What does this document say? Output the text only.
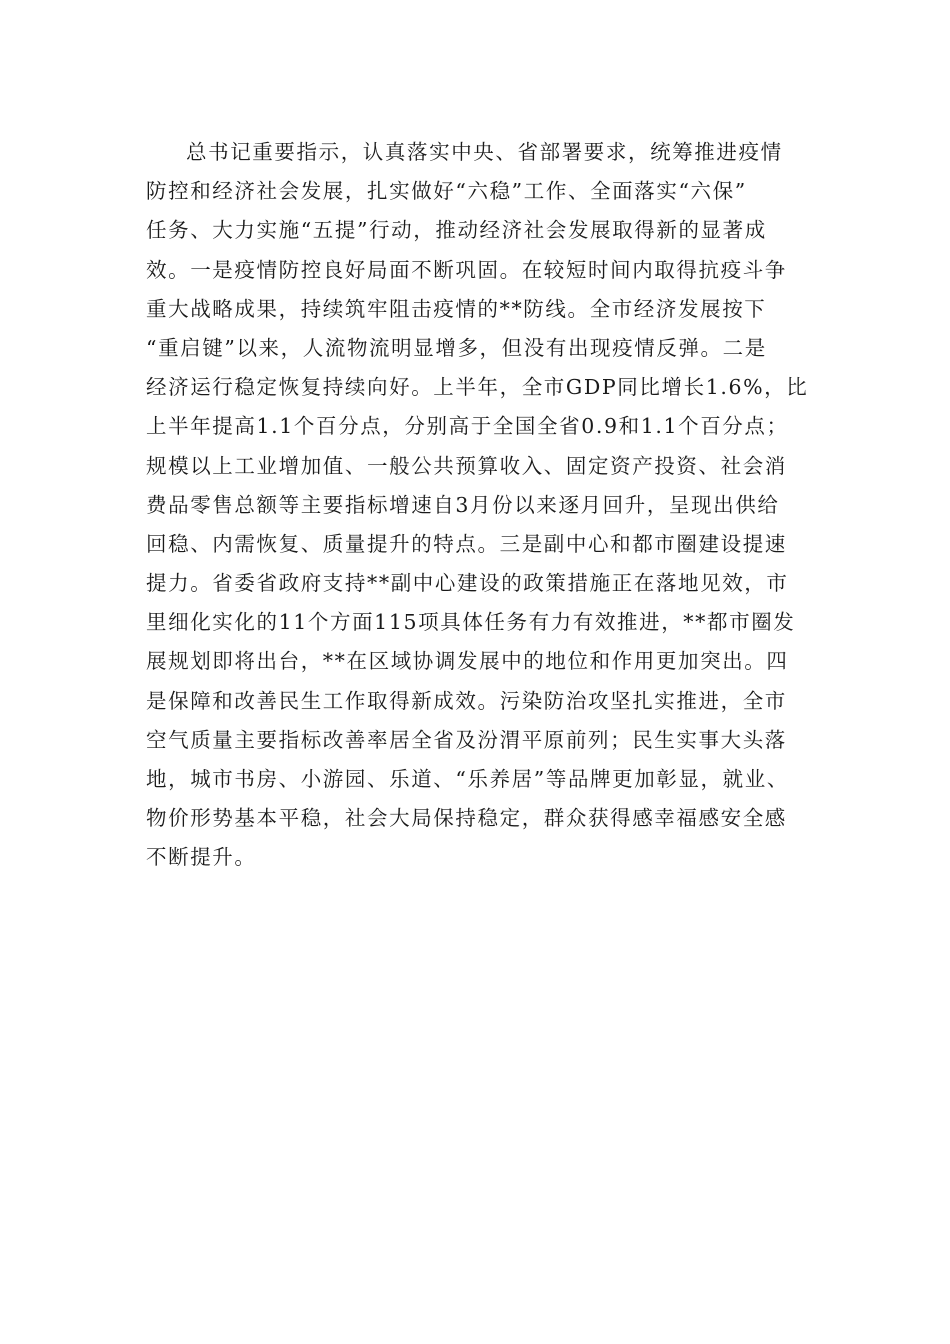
总书记重要指示，认真落实中央、省部署要求，统筹推进疫情
防控和经济社会发展，扎实做好“六稳”工作、全面落实“六保”
任务、大力实施“五提”行动，推动经济社会发展取得新的显著成
效。一是疫情防控良好局面不断巩固。在较短时间内取得抗疫斗争
重大战略成果，持续筑牢阻击疫情的**防线。全市经济发展按下
“重启键”以来，人流物流明显增多，但没有出现疫情反弹。二是
经济运行稳定恢复持续向好。上半年，全市GDP同比增长1.6%，比
上半年提高1.1个百分点，分别高于全国全省0.9和1.1个百分点；
规模以上工业增加值、一般公共预算收入、固定资产投资、社会消
费品零售总额等主要指标增速自3月份以来逐月回升，呈现出供给
回稳、内需恢复、质量提升的特点。三是副中心和都市圈建设提速
提力。省委省政府支持**副中心建设的政策措施正在落地见效，市
里细化实化的11个方面115项具体任务有力有效推进，**都市圈发
展规划即将出台，**在区域协调发展中的地位和作用更加突出。四
是保障和改善民生工作取得新成效。污染防治攻坚扎实推进，全市
空气质量主要指标改善率居全省及汾渭平原前列；民生实事大头落
地，城市书房、小游园、乐道、“乐养居”等品牌更加彰显，就业、
物价形势基本平稳，社会大局保持稳定，群众获得感幸福感安全感
不断提升。
